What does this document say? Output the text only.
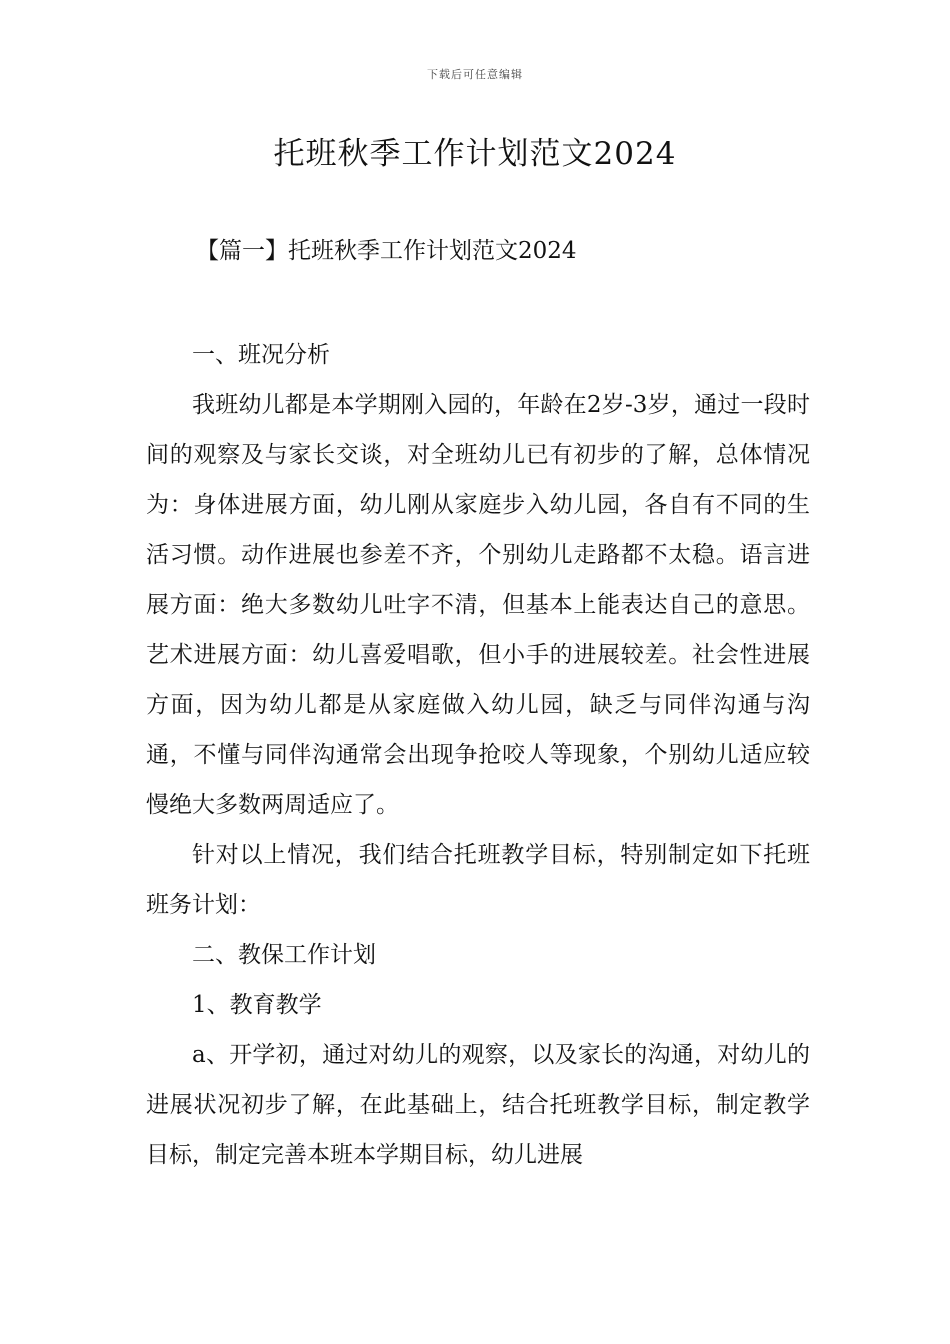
下载后可任意编辑
托班秋季工作计划范文2024
【篇一】托班秋季工作计划范文2024

一、班况分析

我班幼儿都是本学期刚入园的，年龄在2岁-3岁，通过一段时间的观察及与家长交谈，对全班幼儿已有初步的了解，总体情况为：身体进展方面，幼儿刚从家庭步入幼儿园，各自有不同的生活习惯。动作进展也参差不齐，个别幼儿走路都不太稳。语言进展方面：绝大多数幼儿吐字不清，但基本上能表达自己的意思。艺术进展方面：幼儿喜爱唱歌，但小手的进展较差。社会性进展方面，因为幼儿都是从家庭做入幼儿园，缺乏与同伴沟通与沟通，不懂与同伴沟通常会出现争抢咬人等现象，个别幼儿适应较慢绝大多数两周适应了。

针对以上情况，我们结合托班教学目标，特别制定如下托班班务计划：

二、教保工作计划

1、教育教学

a、开学初，通过对幼儿的观察，以及家长的沟通，对幼儿的进展状况初步了解，在此基础上，结合托班教学目标，制定教学目标，制定完善本班本学期目标，幼儿进展
